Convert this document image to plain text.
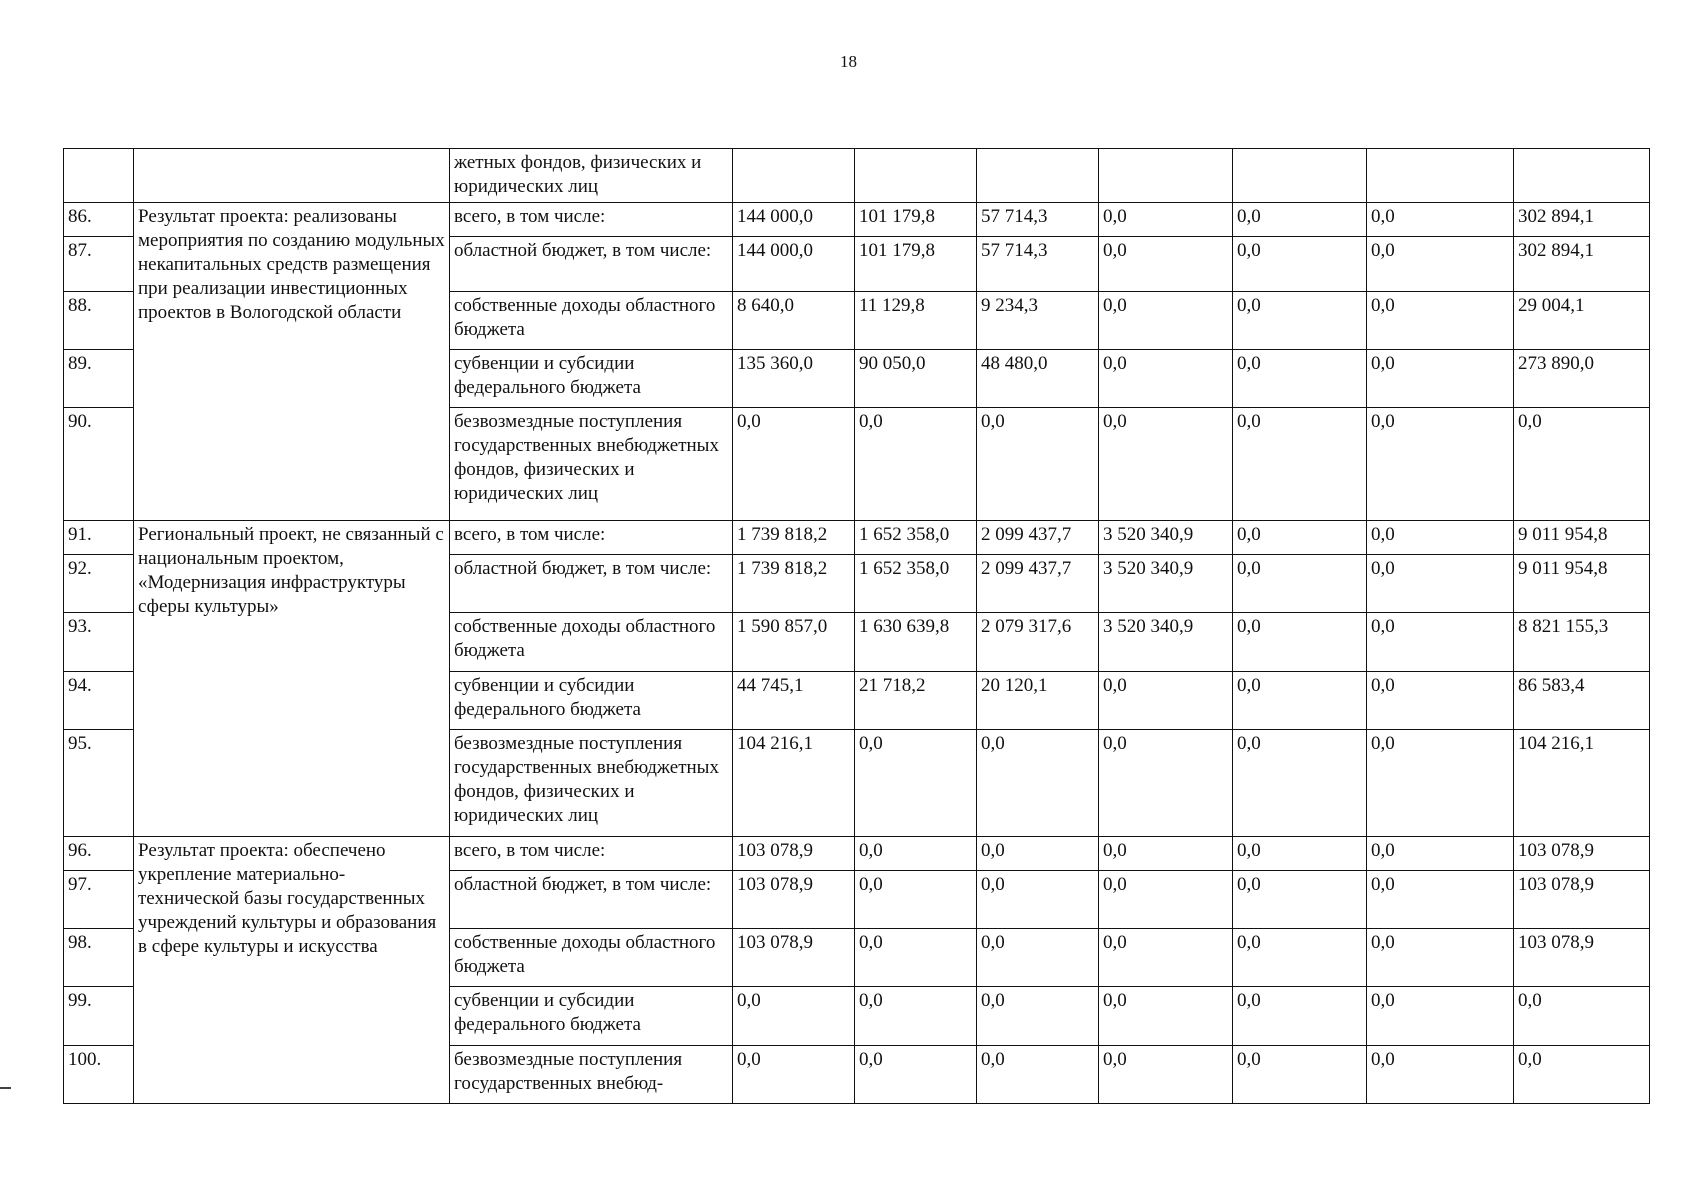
18
		жетных фондов, физических и юридических лиц							
86.	Результат проекта: реализованы мероприятия по созданию модульных некапитальных средств размещения при реализации инвестиционных проектов в Вологодской области	всего, в том числе:	144 000,0	101 179,8	57 714,3	0,0	0,0	0,0	302 894,1
87.		областной бюджет, в том числе:	144 000,0	101 179,8	57 714,3	0,0	0,0	0,0	302 894,1
88.		собственные доходы областного бюджета	8 640,0	11 129,8	9 234,3	0,0	0,0	0,0	29 004,1
89.		субвенции и субсидии федерального бюджета	135 360,0	90 050,0	48 480,0	0,0	0,0	0,0	273 890,0
90.		безвозмездные поступления государственных внебюджетных фондов, физических и юридических лиц	0,0	0,0	0,0	0,0	0,0	0,0	0,0
91.	Региональный проект, не связанный с национальным проектом, «Модернизация инфраструктуры сферы культуры»	всего, в том числе:	1 739 818,2	1 652 358,0	2 099 437,7	3 520 340,9	0,0	0,0	9 011 954,8
92.		областной бюджет, в том числе:	1 739 818,2	1 652 358,0	2 099 437,7	3 520 340,9	0,0	0,0	9 011 954,8
93.		собственные доходы областного бюджета	1 590 857,0	1 630 639,8	2 079 317,6	3 520 340,9	0,0	0,0	8 821 155,3
94.		субвенции и субсидии федерального бюджета	44 745,1	21 718,2	20 120,1	0,0	0,0	0,0	86 583,4
95.		безвозмездные поступления государственных внебюджетных фондов, физических и юридических лиц	104 216,1	0,0	0,0	0,0	0,0	0,0	104 216,1
96.	Результат проекта: обеспечено укрепление материально-технической базы государственных учреждений культуры и образования в сфере культуры и искусства	всего, в том числе:	103 078,9	0,0	0,0	0,0	0,0	0,0	103 078,9
97.		областной бюджет, в том числе:	103 078,9	0,0	0,0	0,0	0,0	0,0	103 078,9
98.		собственные доходы областного бюджета	103 078,9	0,0	0,0	0,0	0,0	0,0	103 078,9
99.		субвенции и субсидии федерального бюджета	0,0	0,0	0,0	0,0	0,0	0,0	0,0
100.		безвозмездные поступления государственных внебюд-	0,0	0,0	0,0	0,0	0,0	0,0	0,0
